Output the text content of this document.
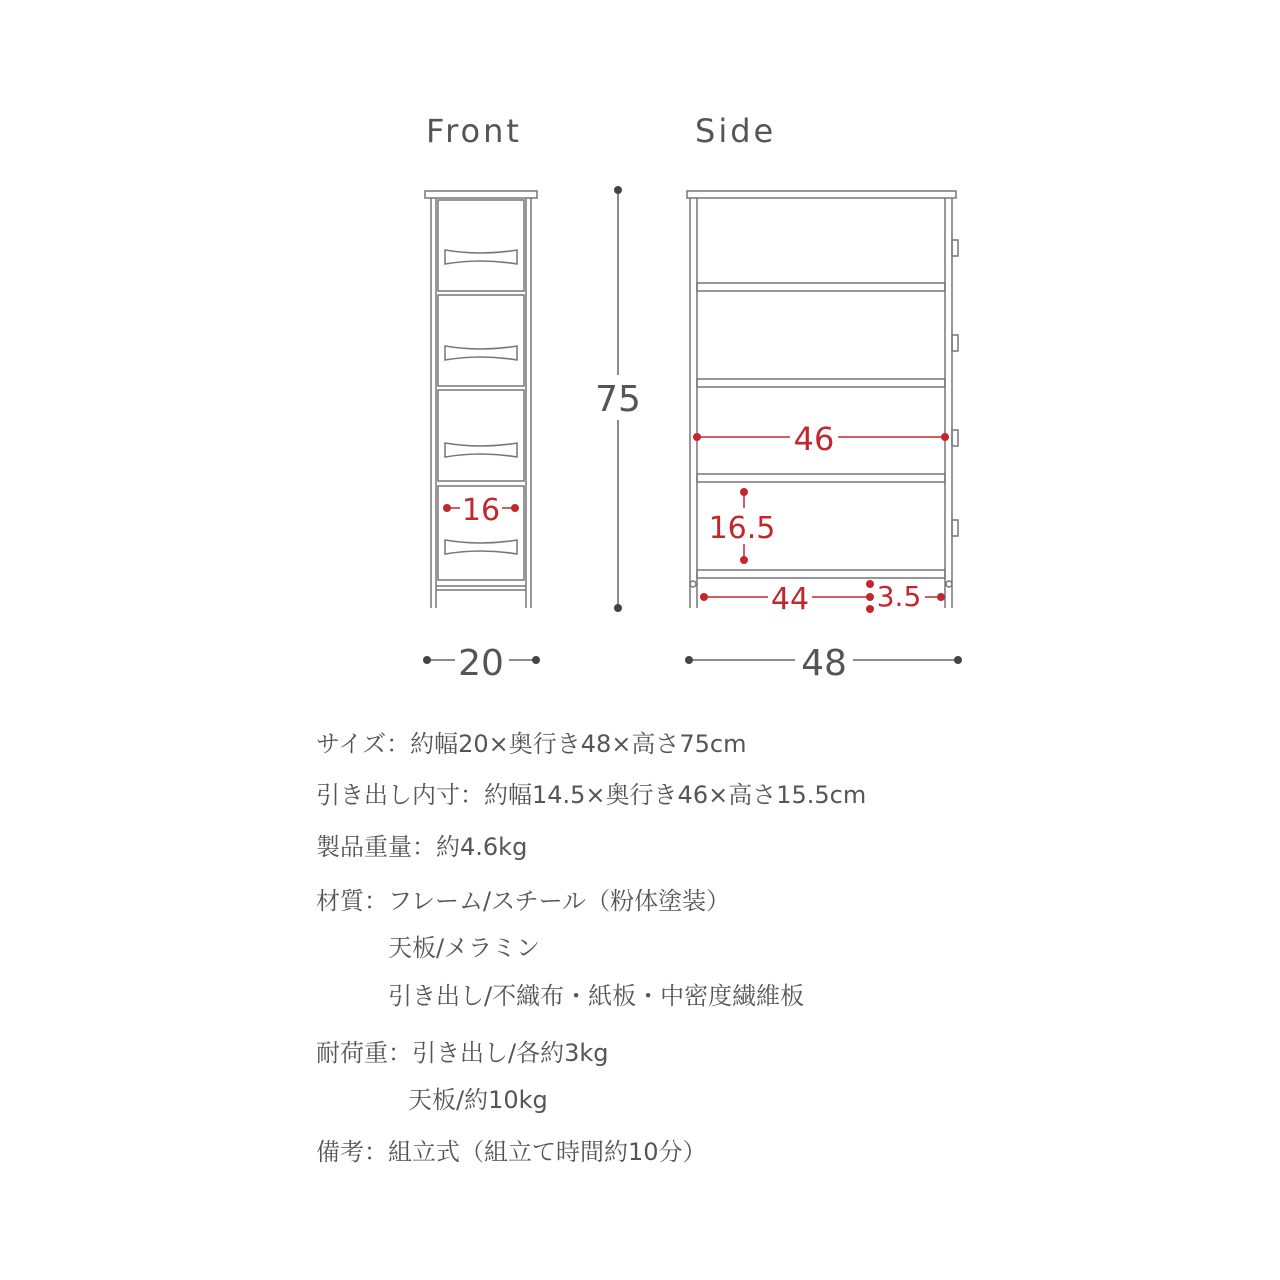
Front	Side
75
20	48
16
46
16.5
44 3.5
サイズ：約幅20×奥行き48×高さ75cm
引き出し内寸：約幅14.5×奥行き46×高さ15.5cm
製品重量：約4.6kg
材質：フレーム/スチール（粉体塗装）
天板/メラミン
引き出し/不織布・紙板・中密度繊維板
耐荷重：引き出し/各約3kg
天板/約10kg
備考：組立式（組立て時間約10分）
